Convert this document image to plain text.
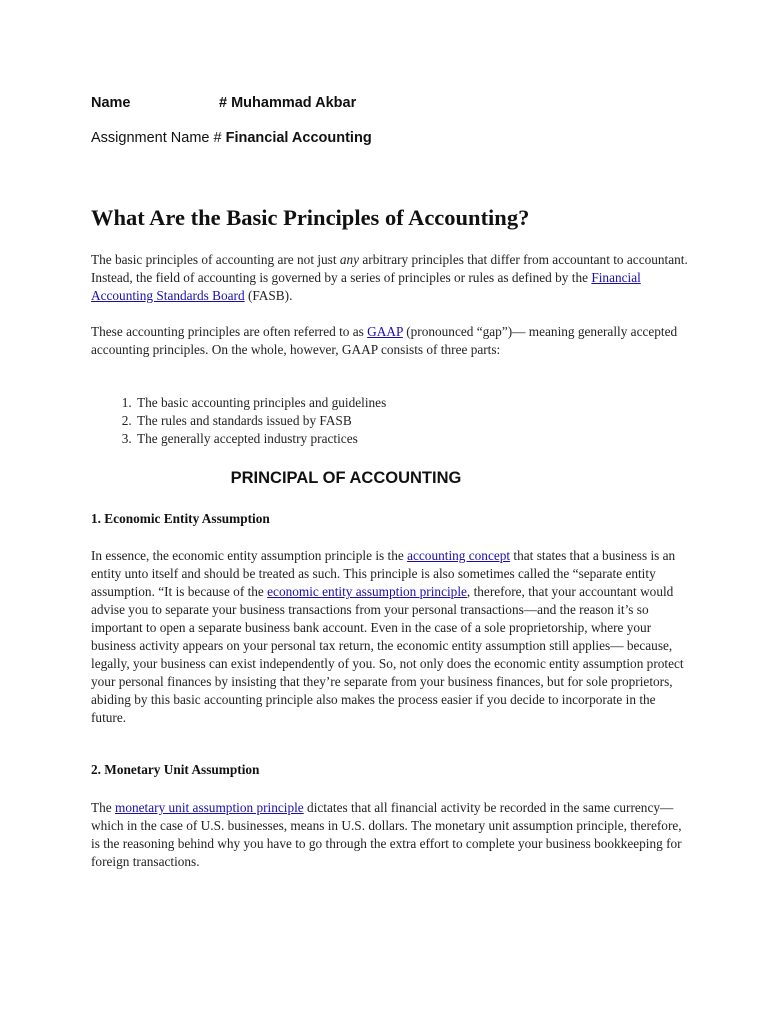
Name	# Muhammad Akbar
Assignment Name # Financial Accounting
What Are the Basic Principles of Accounting?

The basic principles of accounting are not just any arbitrary principles that differ from accountant to accountant. Instead, the field of accounting is governed by a series of principles or rules as defined by the Financial Accounting Standards Board (FASB).

These accounting principles are often referred to as GAAP (pronounced “gap”)— meaning generally accepted accounting principles. On the whole, however, GAAP consists of three parts:

1. The basic accounting principles and guidelines
2. The rules and standards issued by FASB
3. The generally accepted industry practices
PRINCIPAL OF ACCOUNTING
1. Economic Entity Assumption

In essence, the economic entity assumption principle is the accounting concept that states that a business is an entity unto itself and should be treated as such. This principle is also sometimes called the “separate entity assumption. “It is because of the economic entity assumption principle, therefore, that your accountant would advise you to separate your business transactions from your personal transactions—and the reason it’s so important to open a separate business bank account. Even in the case of a sole proprietorship, where your business activity appears on your personal tax return, the economic entity assumption still applies— because, legally, your business can exist independently of you. So, not only does the economic entity assumption protect your personal finances by insisting that they’re separate from your business finances, but for sole proprietors, abiding by this basic accounting principle also makes the process easier if you decide to incorporate in the future.

2. Monetary Unit Assumption

The monetary unit assumption principle dictates that all financial activity be recorded in the same currency—which in the case of U.S. businesses, means in U.S. dollars. The monetary unit assumption principle, therefore, is the reasoning behind why you have to go through the extra effort to complete your business bookkeeping for foreign transactions.
